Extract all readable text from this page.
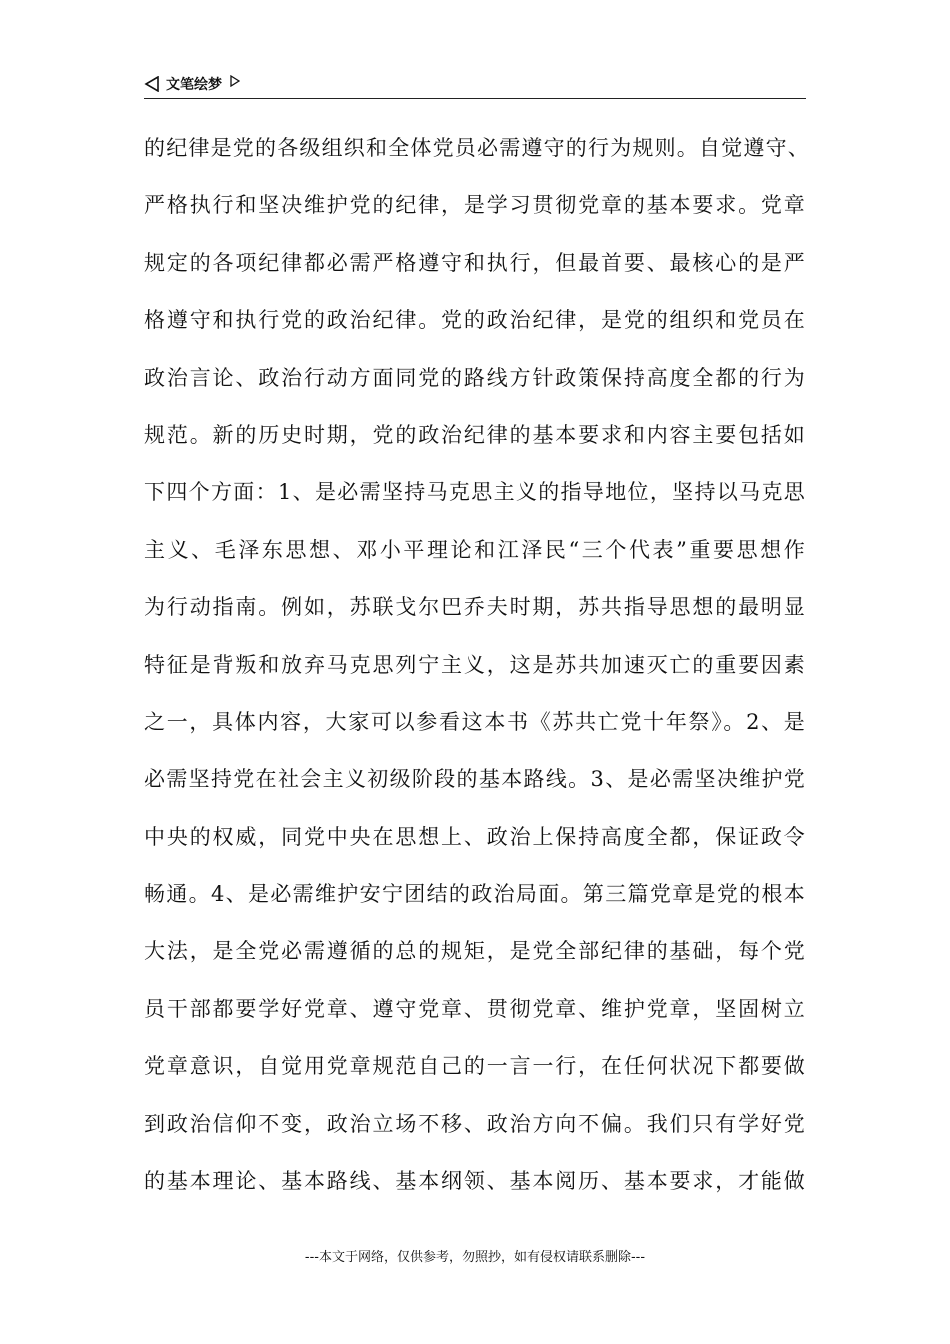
文笔绘梦
的纪律是党的各级组织和全体党员必需遵守的行为规则。自觉遵守、
严格执行和坚决维护党的纪律，是学习贯彻党章的基本要求。党章
规定的各项纪律都必需严格遵守和执行，但最首要、最核心的是严
格遵守和执行党的政治纪律。党的政治纪律，是党的组织和党员在
政治言论、政治行动方面同党的路线方针政策保持高度全都的行为
规范。新的历史时期，党的政治纪律的基本要求和内容主要包括如
下四个方面：1、是必需坚持马克思主义的指导地位，坚持以马克思
主义、毛泽东思想、邓小平理论和江泽民“三个代表”重要思想作
为行动指南。例如，苏联戈尔巴乔夫时期，苏共指导思想的最明显
特征是背叛和放弃马克思列宁主义，这是苏共加速灭亡的重要因素
之一，具体内容，大家可以参看这本书《苏共亡党十年祭》。2、是
必需坚持党在社会主义初级阶段的基本路线。3、是必需坚决维护党
中央的权威，同党中央在思想上、政治上保持高度全都，保证政令
畅通。4、是必需维护安宁团结的政治局面。第三篇党章是党的根本
大法，是全党必需遵循的总的规矩，是党全部纪律的基础，每个党
员干部都要学好党章、遵守党章、贯彻党章、维护党章，坚固树立
党章意识，自觉用党章规范自己的一言一行，在任何状况下都要做
到政治信仰不变，政治立场不移、政治方向不偏。我们只有学好党
的基本理论、基本路线、基本纲领、基本阅历、基本要求，才能做
---本文于网络，仅供参考，勿照抄，如有侵权请联系删除---
